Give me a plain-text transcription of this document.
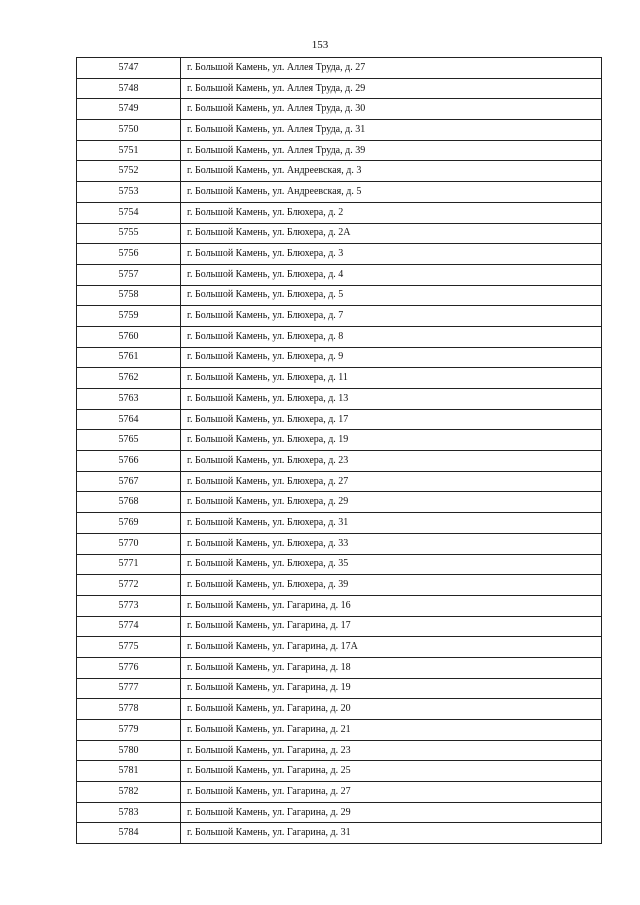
153
5747	г. Большой Камень, ул. Аллея Труда, д. 27
5748	г. Большой Камень, ул. Аллея Труда, д. 29
5749	г. Большой Камень, ул. Аллея Труда, д. 30
5750	г. Большой Камень, ул. Аллея Труда, д. 31
5751	г. Большой Камень, ул. Аллея Труда, д. 39
5752	г. Большой Камень, ул. Андреевская, д. 3
5753	г. Большой Камень, ул. Андреевская, д. 5
5754	г. Большой Камень, ул. Блюхера, д. 2
5755	г. Большой Камень, ул. Блюхера, д. 2А
5756	г. Большой Камень, ул. Блюхера, д. 3
5757	г. Большой Камень, ул. Блюхера, д. 4
5758	г. Большой Камень, ул. Блюхера, д. 5
5759	г. Большой Камень, ул. Блюхера, д. 7
5760	г. Большой Камень, ул. Блюхера, д. 8
5761	г. Большой Камень, ул. Блюхера, д. 9
5762	г. Большой Камень, ул. Блюхера, д. 11
5763	г. Большой Камень, ул. Блюхера, д. 13
5764	г. Большой Камень, ул. Блюхера, д. 17
5765	г. Большой Камень, ул. Блюхера, д. 19
5766	г. Большой Камень, ул. Блюхера, д. 23
5767	г. Большой Камень, ул. Блюхера, д. 27
5768	г. Большой Камень, ул. Блюхера, д. 29
5769	г. Большой Камень, ул. Блюхера, д. 31
5770	г. Большой Камень, ул. Блюхера, д. 33
5771	г. Большой Камень, ул. Блюхера, д. 35
5772	г. Большой Камень, ул. Блюхера, д. 39
5773	г. Большой Камень, ул. Гагарина, д. 16
5774	г. Большой Камень, ул. Гагарина, д. 17
5775	г. Большой Камень, ул. Гагарина, д. 17А
5776	г. Большой Камень, ул. Гагарина, д. 18
5777	г. Большой Камень, ул. Гагарина, д. 19
5778	г. Большой Камень, ул. Гагарина, д. 20
5779	г. Большой Камень, ул. Гагарина, д. 21
5780	г. Большой Камень, ул. Гагарина, д. 23
5781	г. Большой Камень, ул. Гагарина, д. 25
5782	г. Большой Камень, ул. Гагарина, д. 27
5783	г. Большой Камень, ул. Гагарина, д. 29
5784	г. Большой Камень, ул. Гагарина, д. 31
